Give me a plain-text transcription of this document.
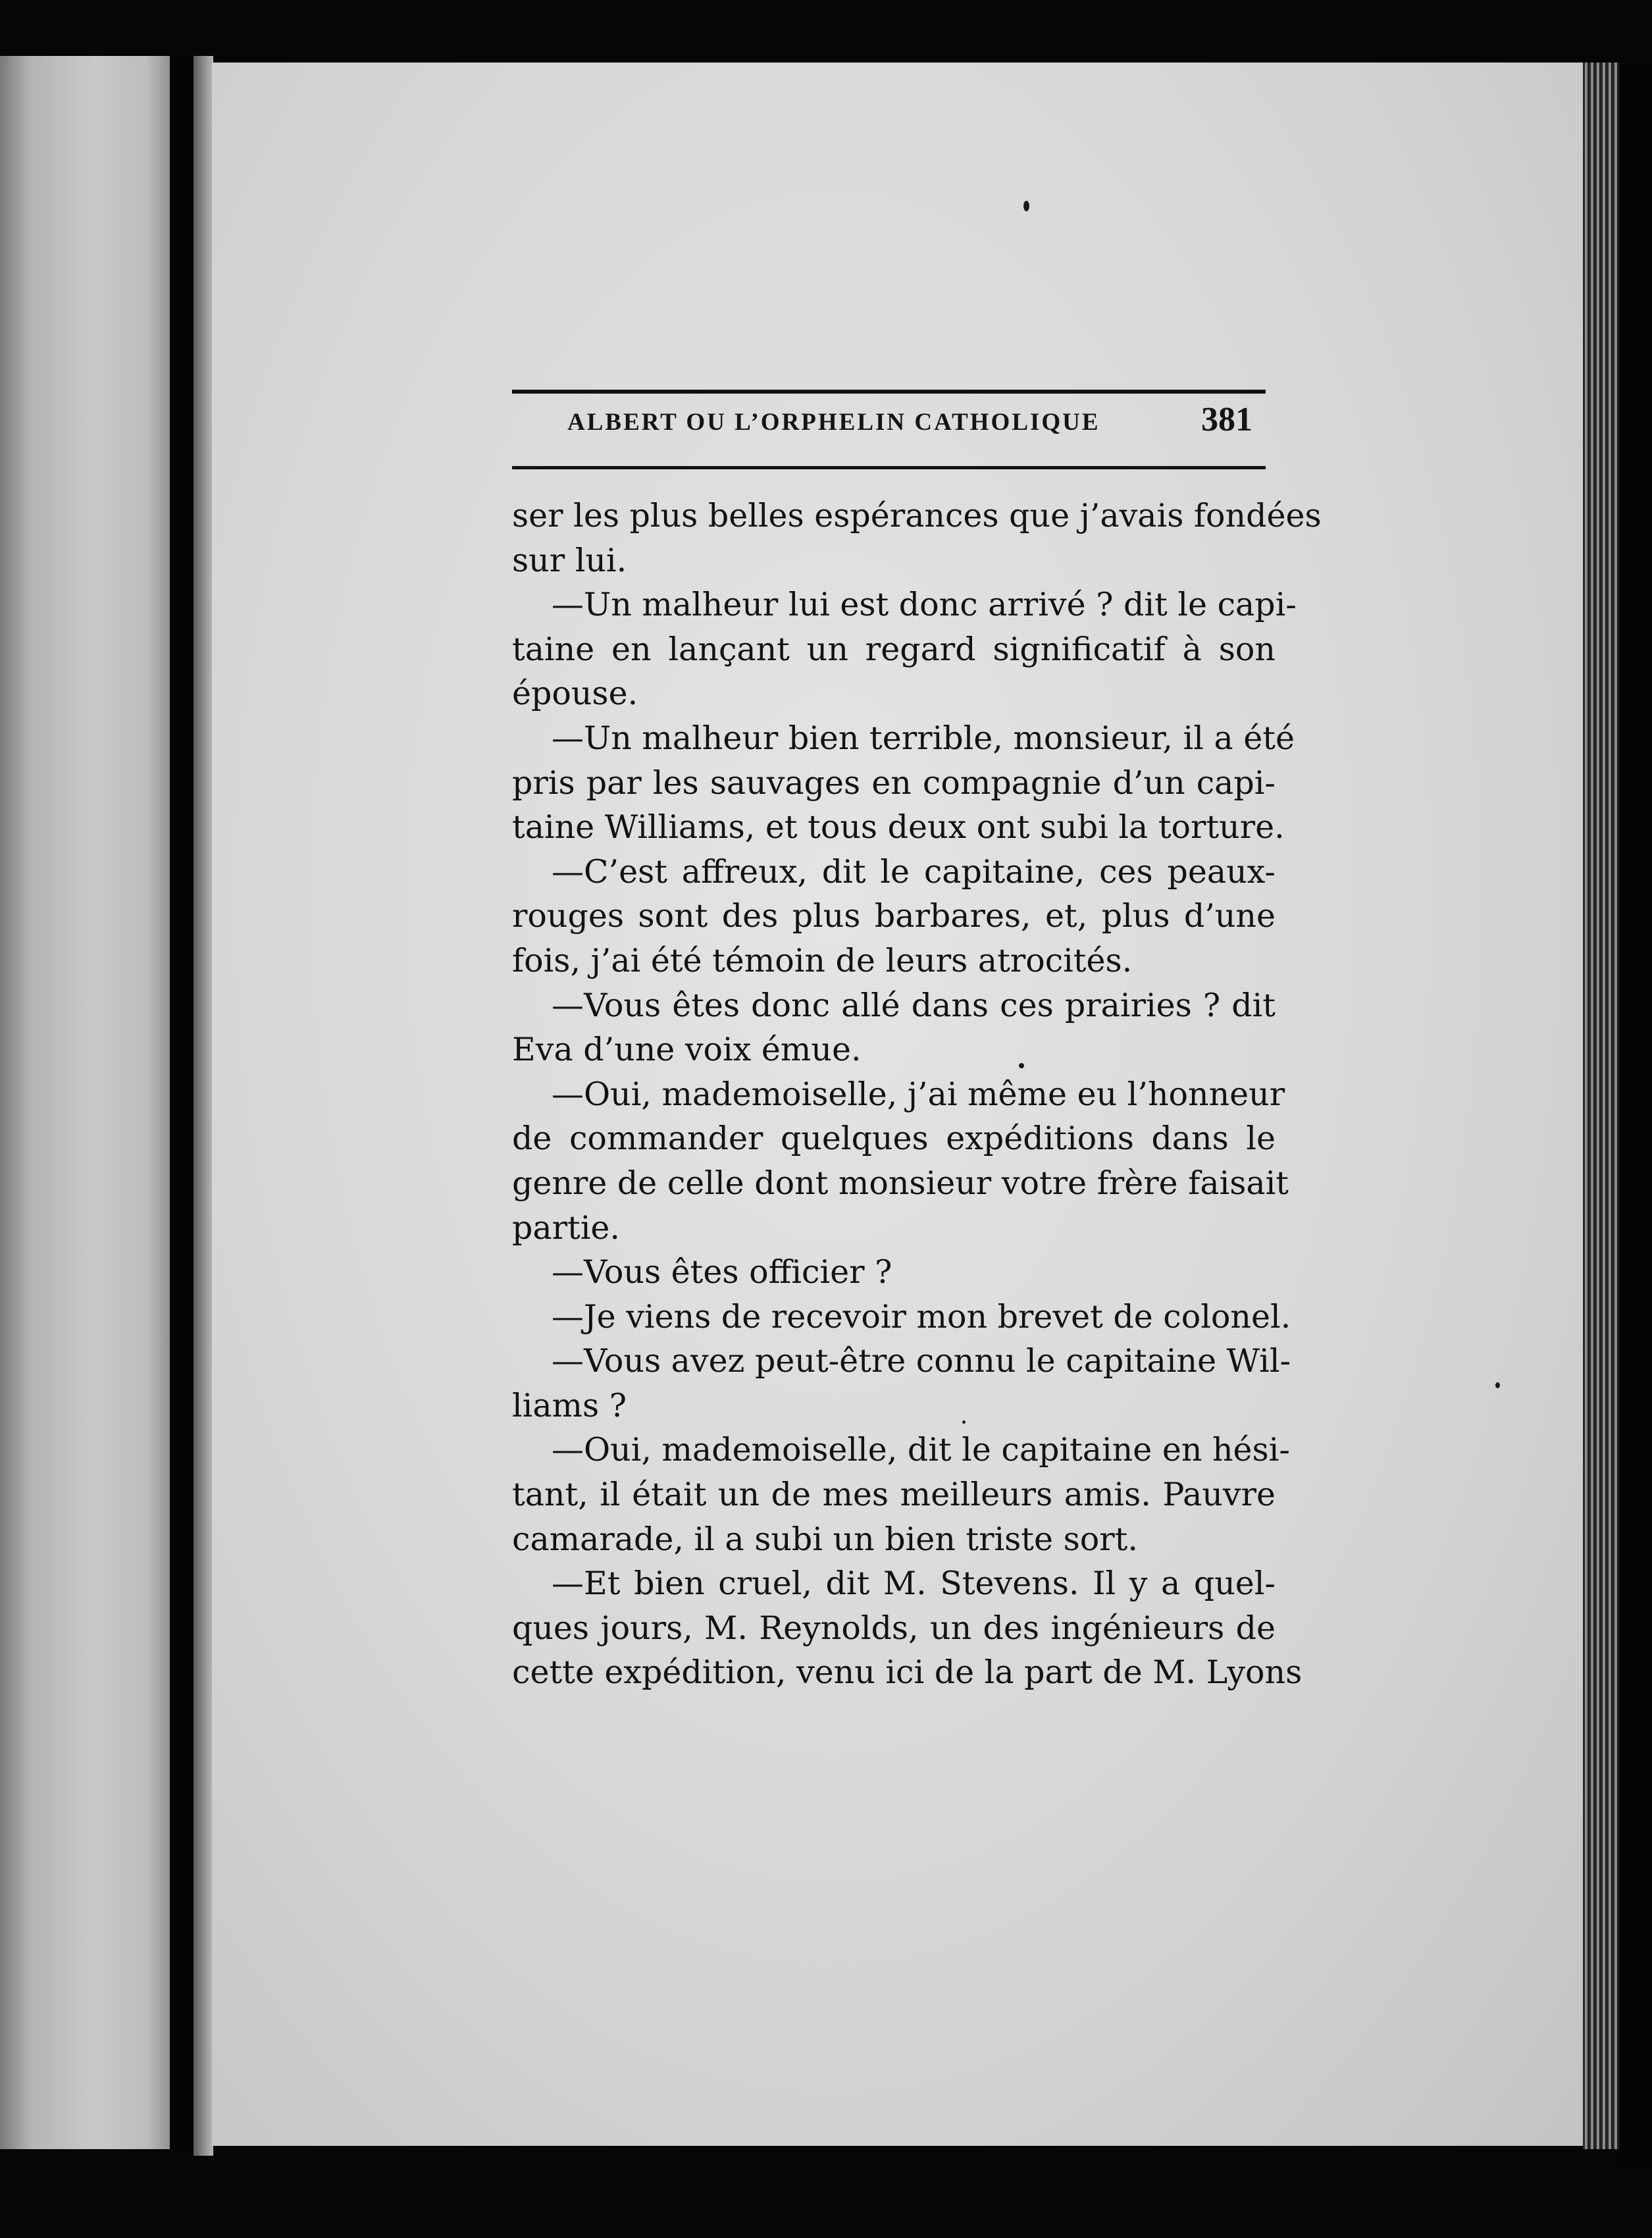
ALBERT OU L’ORPHELIN CATHOLIQUE	381
ser les plus belles espérances que j’avais fondées
sur lui.
—Un malheur lui est donc arrivé ? dit le capi-
taine en lançant un regard significatif à son
épouse.
—Un malheur bien terrible, monsieur, il a été
pris par les sauvages en compagnie d’un capi-
taine Williams, et tous deux ont subi la torture.
—C’est affreux, dit le capitaine, ces peaux-
rouges sont des plus barbares, et, plus d’une
fois, j’ai été témoin de leurs atrocités.
—Vous êtes donc allé dans ces prairies ? dit
Eva d’une voix émue.
—Oui, mademoiselle, j’ai même eu l’honneur
de commander quelques expéditions dans le
genre de celle dont monsieur votre frère faisait
partie.
—Vous êtes officier ?
—Je viens de recevoir mon brevet de colonel.
—Vous avez peut-être connu le capitaine Wil-
liams ?
—Oui, mademoiselle, dit le capitaine en hési-
tant, il était un de mes meilleurs amis. Pauvre
camarade, il a subi un bien triste sort.
—Et bien cruel, dit M. Stevens. Il y a quel-
ques jours, M. Reynolds, un des ingénieurs de
cette expédition, venu ici de la part de M. Lyons
